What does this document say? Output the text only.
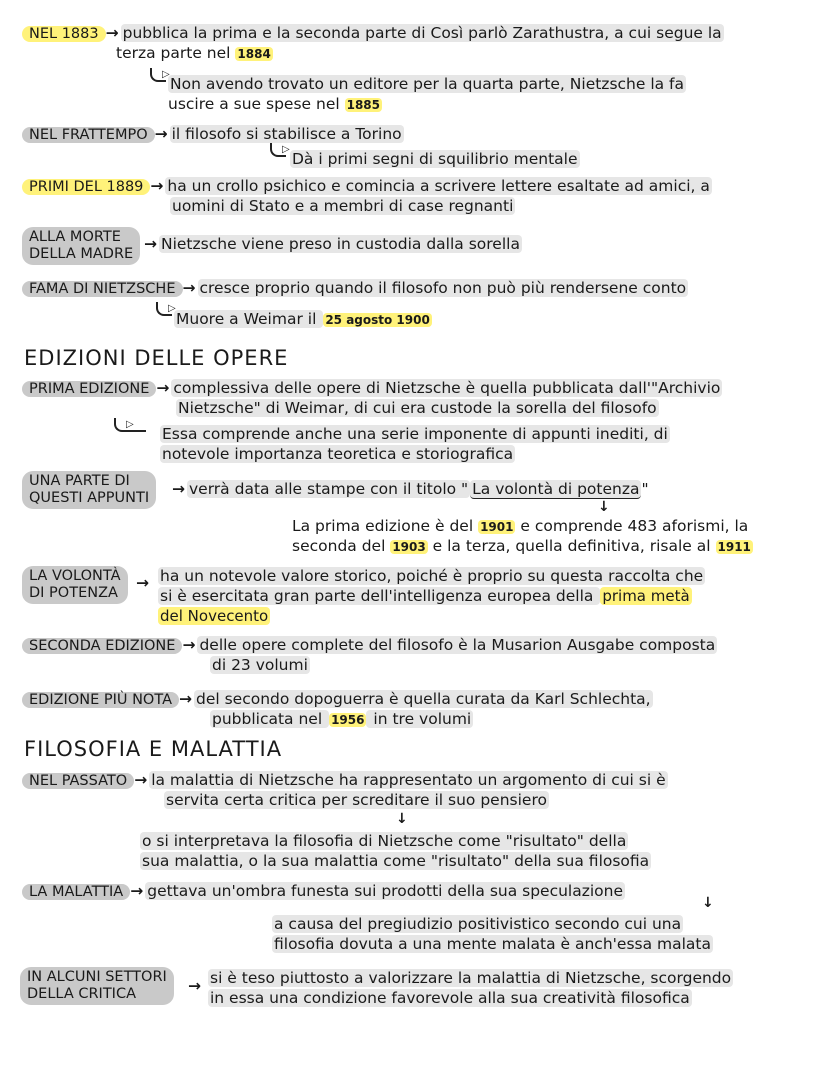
NEL 1883 → pubblica la prima e la seconda parte di Così parlò Zarathustra, a cui segue la
terza parte nel 1884
▷
Non avendo trovato un editore per la quarta parte, Nietzsche la fa
uscire a sue spese nel 1885
NEL FRATTEMPO → il filosofo si stabilisce a Torino
▷
Dà i primi segni di squilibrio mentale
PRIMI DEL 1889 → ha un crollo psichico e comincia a scrivere lettere esaltate ad amici, a
uomini di Stato e a membri di case regnanti
ALLA MORTE
DELLA MADRE
→ Nietzsche viene preso in custodia dalla sorella
FAMA DI NIETZSCHE → cresce proprio quando il filosofo non può più rendersene conto
▷
Muore a Weimar il 25 agosto 1900
EDIZIONI DELLE OPERE
PRIMA EDIZIONE → complessiva delle opere di Nietzsche è quella pubblicata dall'"Archivio
Nietzsche" di Weimar, di cui era custode la sorella del filosofo
▷
Essa comprende anche una serie imponente di appunti inediti, di
notevole importanza teoretica e storiografica
UNA PARTE DI
QUESTI APPUNTI → verrà data alle stampe con il titolo " La volontà di potenza "
↓
La prima edizione è del 1901 e comprende 483 aforismi, la
seconda del 1903 e la terza, quella definitiva, risale al 1911
LA VOLONTÀ
DI POTENZA
→ ha un notevole valore storico, poiché è proprio su questa raccolta che
si è esercitata gran parte dell'intelligenza europea della prima metà
del Novecento
SECONDA EDIZIONE → delle opere complete del filosofo è la Musarion Ausgabe composta
di 23 volumi
EDIZIONE PIÙ NOTA → del secondo dopoguerra è quella curata da Karl Schlechta,
pubblicata nel 1956 in tre volumi
FILOSOFIA E MALATTIA
NEL PASSATO → la malattia di Nietzsche ha rappresentato un argomento di cui si è
servita certa critica per screditare il suo pensiero
↓
o si interpretava la filosofia di Nietzsche come "risultato" della
sua malattia, o la sua malattia come "risultato" della sua filosofia
LA MALATTIA → gettava un'ombra funesta sui prodotti della sua speculazione
↓
a causa del pregiudizio positivistico secondo cui una
filosofia dovuta a una mente malata è anch'essa malata
IN ALCUNI SETTORI
DELLA CRITICA	→ si è teso piuttosto a valorizzare la malattia di Nietzsche, scorgendo
in essa una condizione favorevole alla sua creatività filosofica
